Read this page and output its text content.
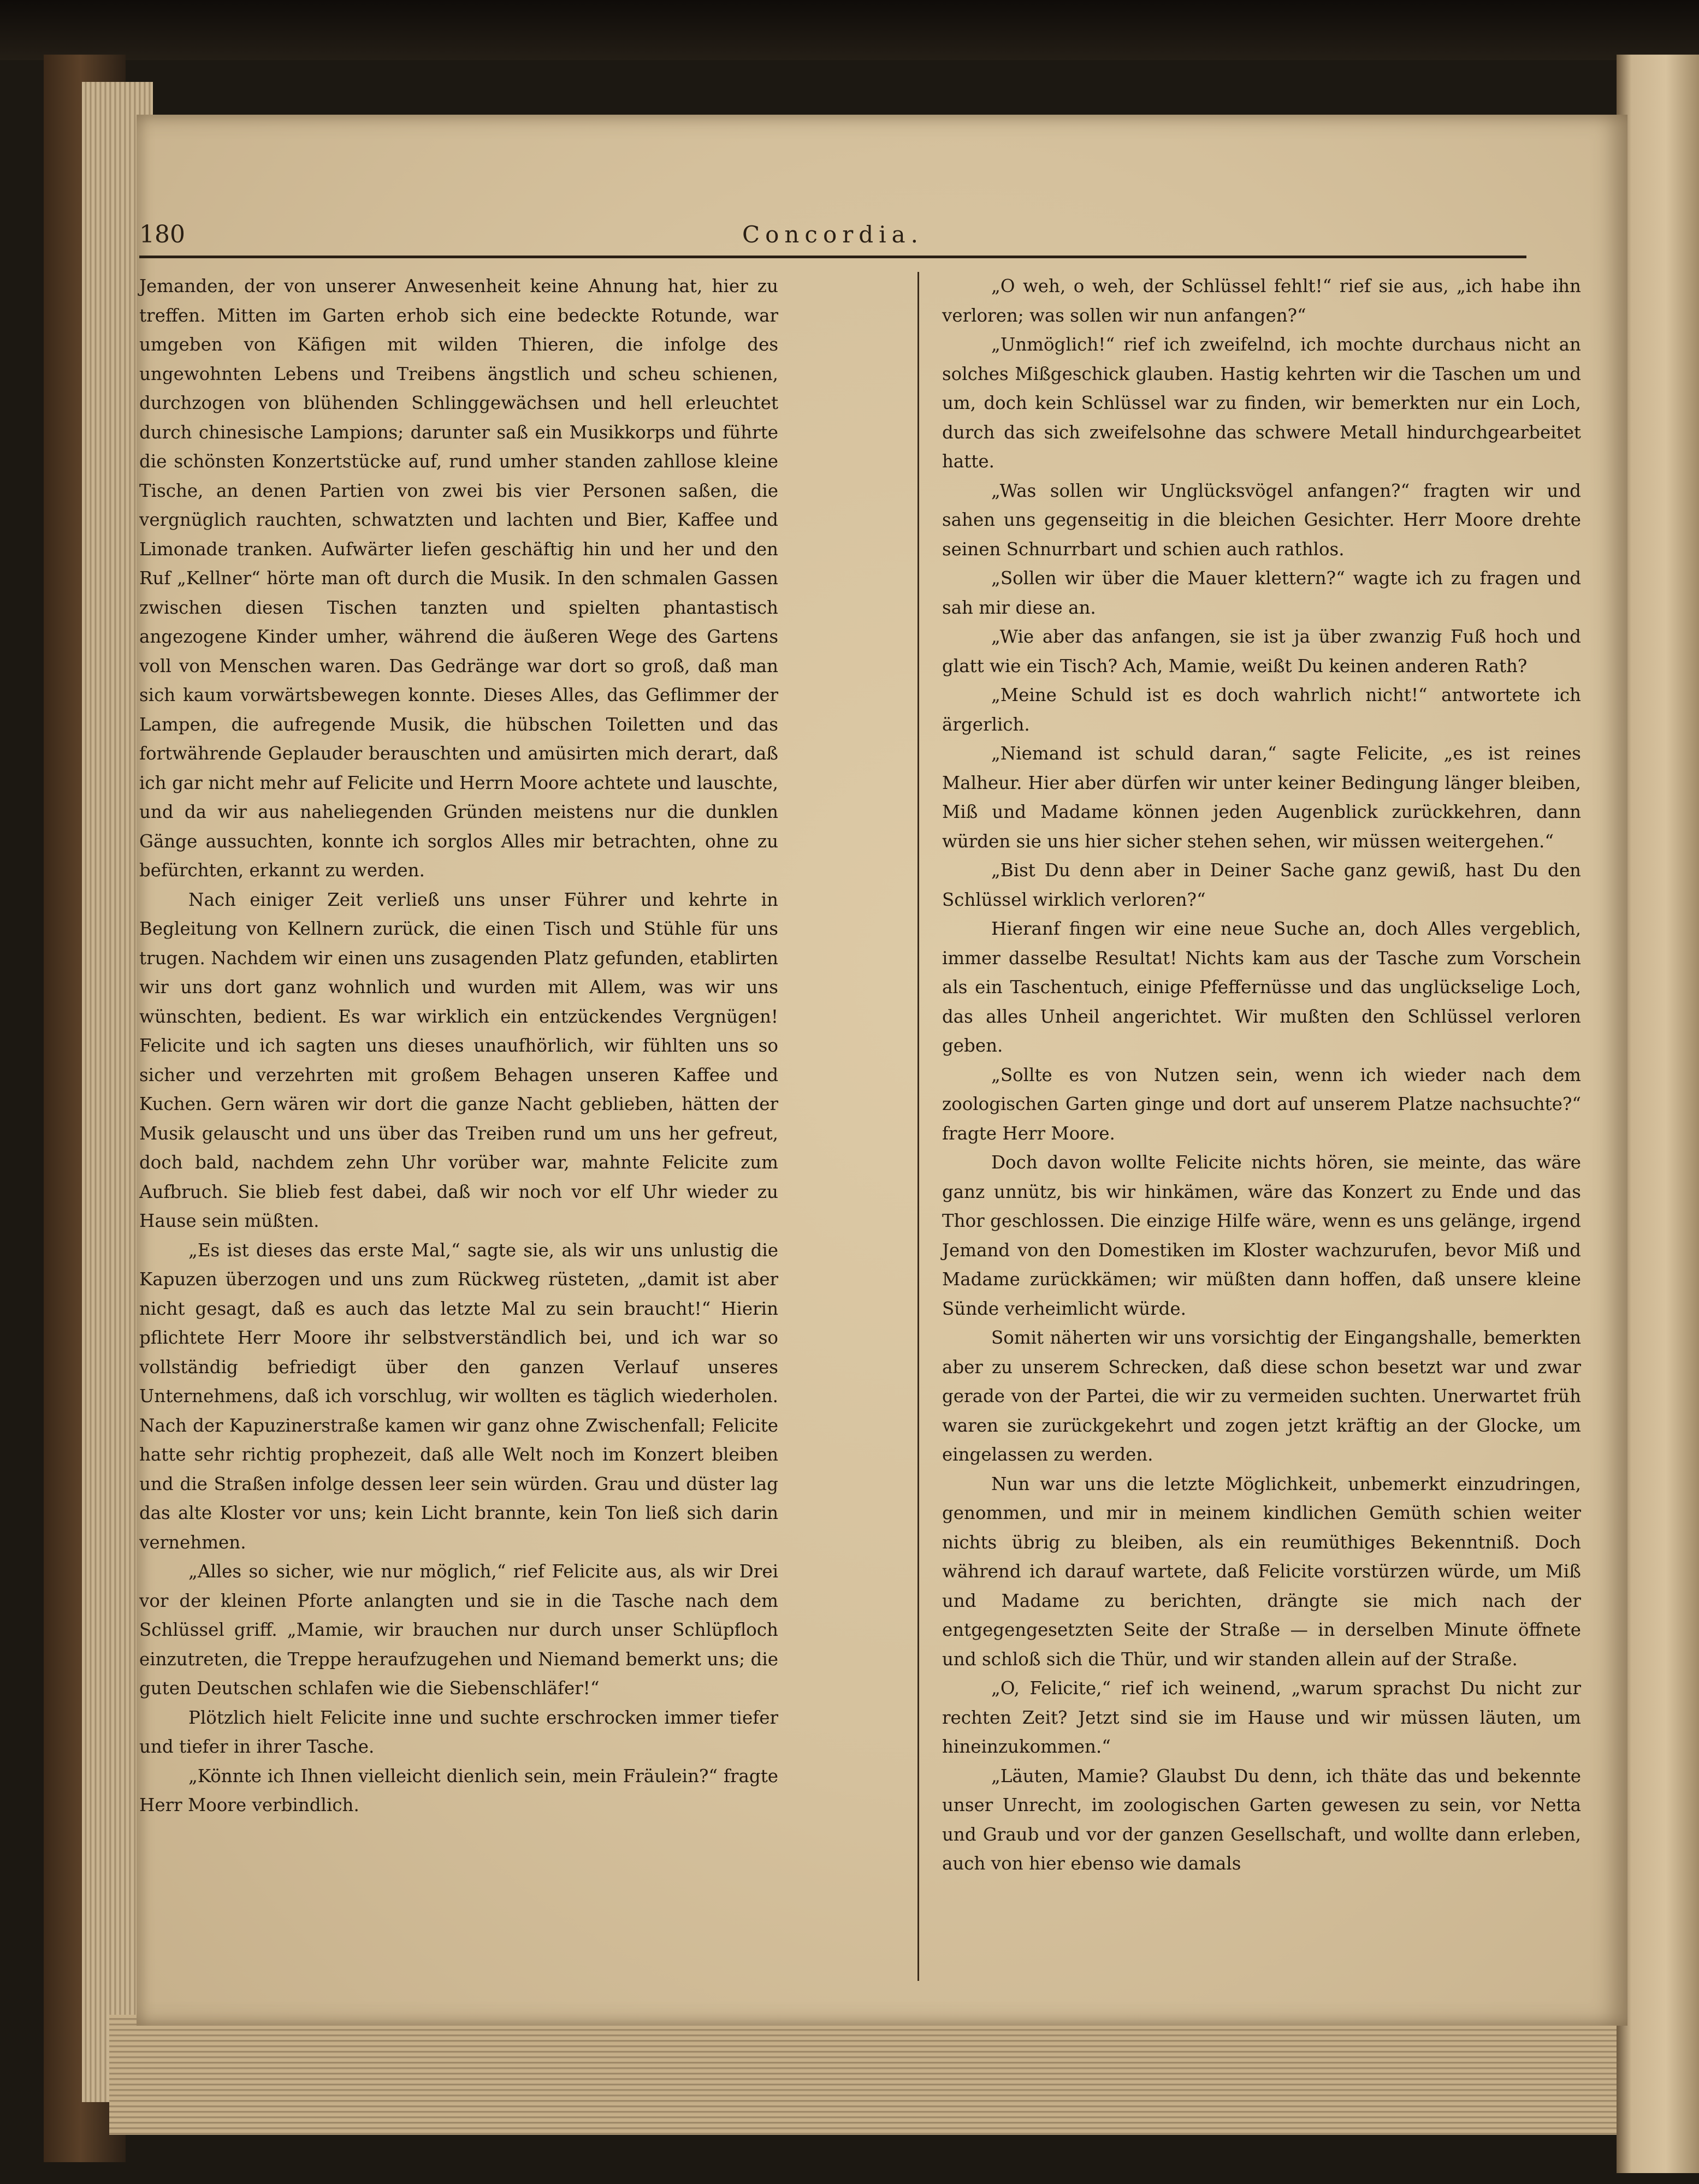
180	Concordia.

Jemanden, der von unserer Anwesenheit keine Ahnung hat, hier zu treffen. Mitten im Garten erhob sich eine bedeckte Rotunde, war umgeben von Käfigen mit wilden Thieren, die infolge des ungewohnten Lebens und Treibens ängstlich und scheu schienen, durchzogen von blühenden Schlinggewächsen und hell erleuchtet durch chinesische Lampions; darunter saß ein Musikkorps und führte die schönsten Konzertstücke auf, rund umher standen zahllose kleine Tische, an denen Partien von zwei bis vier Personen saßen, die vergnüglich rauchten, schwatzten und lachten und Bier, Kaffee und Limonade tranken. Aufwärter liefen geschäftig hin und her und den Ruf „Kellner“ hörte man oft durch die Musik. In den schmalen Gassen zwischen diesen Tischen tanzten und spielten phantastisch angezogene Kinder umher, während die äußeren Wege des Gartens voll von Menschen waren. Das Gedränge war dort so groß, daß man sich kaum vorwärtsbewegen konnte. Dieses Alles, das Geflimmer der Lampen, die aufregende Musik, die hübschen Toiletten und das fortwährende Geplauder berauschten und amüsirten mich derart, daß ich gar nicht mehr auf Felicite und Herrn Moore achtete und lauschte, und da wir aus naheliegenden Gründen meistens nur die dunklen Gänge aussuchten, konnte ich sorglos Alles mir betrachten, ohne zu befürchten, erkannt zu werden.

Nach einiger Zeit verließ uns unser Führer und kehrte in Begleitung von Kellnern zurück, die einen Tisch und Stühle für uns trugen. Nachdem wir einen uns zusagenden Platz gefunden, etablirten wir uns dort ganz wohnlich und wurden mit Allem, was wir uns wünschten, bedient. Es war wirklich ein entzückendes Vergnügen! Felicite und ich sagten uns dieses unaufhörlich, wir fühlten uns so sicher und verzehrten mit großem Behagen unseren Kaffee und Kuchen. Gern wären wir dort die ganze Nacht geblieben, hätten der Musik gelauscht und uns über das Treiben rund um uns her gefreut, doch bald, nachdem zehn Uhr vorüber war, mahnte Felicite zum Aufbruch. Sie blieb fest dabei, daß wir noch vor elf Uhr wieder zu Hause sein müßten.

„Es ist dieses das erste Mal,“ sagte sie, als wir uns unlustig die Kapuzen überzogen und uns zum Rückweg rüsteten, „damit ist aber nicht gesagt, daß es auch das letzte Mal zu sein braucht!“ Hierin pflichtete Herr Moore ihr selbstverständlich bei, und ich war so vollständig befriedigt über den ganzen Verlauf unseres Unternehmens, daß ich vorschlug, wir wollten es täglich wiederholen. Nach der Kapuzinerstraße kamen wir ganz ohne Zwischenfall; Felicite hatte sehr richtig prophezeit, daß alle Welt noch im Konzert bleiben und die Straßen infolge dessen leer sein würden. Grau und düster lag das alte Kloster vor uns; kein Licht brannte, kein Ton ließ sich darin vernehmen.

„Alles so sicher, wie nur möglich,“ rief Felicite aus, als wir Drei vor der kleinen Pforte anlangten und sie in die Tasche nach dem Schlüssel griff. „Mamie, wir brauchen nur durch unser Schlüpfloch einzutreten, die Treppe heraufzugehen und Niemand bemerkt uns; die guten Deutschen schlafen wie die Siebenschläfer!“

Plötzlich hielt Felicite inne und suchte erschrocken immer tiefer und tiefer in ihrer Tasche.

„Könnte ich Ihnen vielleicht dienlich sein, mein Fräulein?“ fragte Herr Moore verbindlich.

„O weh, o weh, der Schlüssel fehlt!“ rief sie aus, „ich habe ihn verloren; was sollen wir nun anfangen?“

„Unmöglich!“ rief ich zweifelnd, ich mochte durchaus nicht an solches Mißgeschick glauben. Hastig kehrten wir die Taschen um und um, doch kein Schlüssel war zu finden, wir bemerkten nur ein Loch, durch das sich zweifelsohne das schwere Metall hindurchgearbeitet hatte.

„Was sollen wir Unglücksvögel anfangen?“ fragten wir und sahen uns gegenseitig in die bleichen Gesichter. Herr Moore drehte seinen Schnurrbart und schien auch rathlos.

„Sollen wir über die Mauer klettern?“ wagte ich zu fragen und sah mir diese an.

„Wie aber das anfangen, sie ist ja über zwanzig Fuß hoch und glatt wie ein Tisch? Ach, Mamie, weißt Du keinen anderen Rath?

„Meine Schuld ist es doch wahrlich nicht!“ antwortete ich ärgerlich.

„Niemand ist schuld daran,“ sagte Felicite, „es ist reines Malheur. Hier aber dürfen wir unter keiner Bedingung länger bleiben, Miß und Madame können jeden Augenblick zurückkehren, dann würden sie uns hier sicher stehen sehen, wir müssen weitergehen.“

„Bist Du denn aber in Deiner Sache ganz gewiß, hast Du den Schlüssel wirklich verloren?“

Hieranf fingen wir eine neue Suche an, doch Alles vergeblich, immer dasselbe Resultat! Nichts kam aus der Tasche zum Vorschein als ein Taschentuch, einige Pfeffernüsse und das unglückselige Loch, das alles Unheil angerichtet. Wir mußten den Schlüssel verloren geben.

„Sollte es von Nutzen sein, wenn ich wieder nach dem zoologischen Garten ginge und dort auf unserem Platze nachsuchte?“ fragte Herr Moore.

Doch davon wollte Felicite nichts hören, sie meinte, das wäre ganz unnütz, bis wir hinkämen, wäre das Konzert zu Ende und das Thor geschlossen. Die einzige Hilfe wäre, wenn es uns gelänge, irgend Jemand von den Domestiken im Kloster wachzurufen, bevor Miß und Madame zurückkämen; wir müßten dann hoffen, daß unsere kleine Sünde verheimlicht würde.

Somit näherten wir uns vorsichtig der Eingangshalle, bemerkten aber zu unserem Schrecken, daß diese schon besetzt war und zwar gerade von der Partei, die wir zu vermeiden suchten. Unerwartet früh waren sie zurückgekehrt und zogen jetzt kräftig an der Glocke, um eingelassen zu werden.

Nun war uns die letzte Möglichkeit, unbemerkt einzudringen, genommen, und mir in meinem kindlichen Gemüth schien weiter nichts übrig zu bleiben, als ein reumüthiges Bekenntniß. Doch während ich darauf wartete, daß Felicite vorstürzen würde, um Miß und Madame zu berichten, drängte sie mich nach der entgegengesetzten Seite der Straße — in derselben Minute öffnete und schloß sich die Thür, und wir standen allein auf der Straße.

„O, Felicite,“ rief ich weinend, „warum sprachst Du nicht zur rechten Zeit? Jetzt sind sie im Hause und wir müssen läuten, um hineinzukommen.“

„Läuten, Mamie? Glaubst Du denn, ich thäte das und bekennte unser Unrecht, im zoologischen Garten gewesen zu sein, vor Netta und Graub und vor der ganzen Gesellschaft, und wollte dann erleben, auch von hier ebenso wie damals
